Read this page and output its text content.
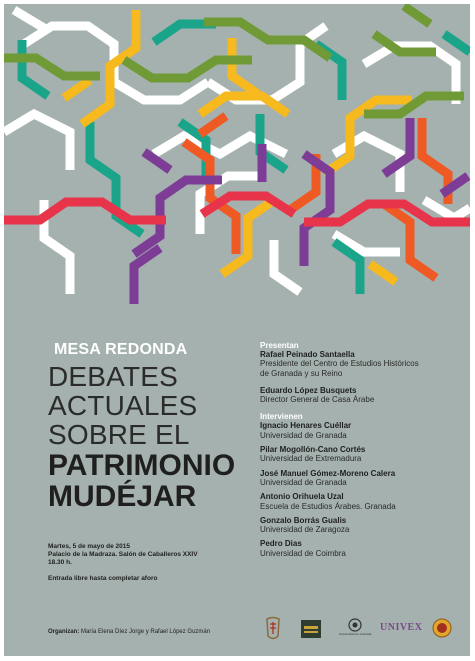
MESA REDONDA
DEBATES
ACTUALES
SOBRE EL
PATRIMONIO
MUDÉJAR
Martes, 5 de mayo de 2015
Palacio de la Madraza. Salón de Caballeros XXIV
18.30 h.
Entrada libre hasta completar aforo
Presentan
Rafael Peinado Santaella
Presidente del Centro de Estudios Históricos
de Granada y su Reino
Eduardo López Busquets
Director General de Casa Árabe
Intervienen
Ignacio Henares Cuéllar
Universidad de Granada
Pilar Mogollón-Cano Cortés
Universidad de Extremadura
José Manuel Gómez-Moreno Calera
Universidad de Granada
Antonio Orihuela Uzal
Escuela de Estudios Árabes. Granada
Gonzalo Borrás Gualis
Universidad de Zaragoza
Pedro Dias
Universidad de Coimbra
Organizan: María Elena Díez Jorge y Rafael López Guzmán	Universidad de Granada
UNIVEX
